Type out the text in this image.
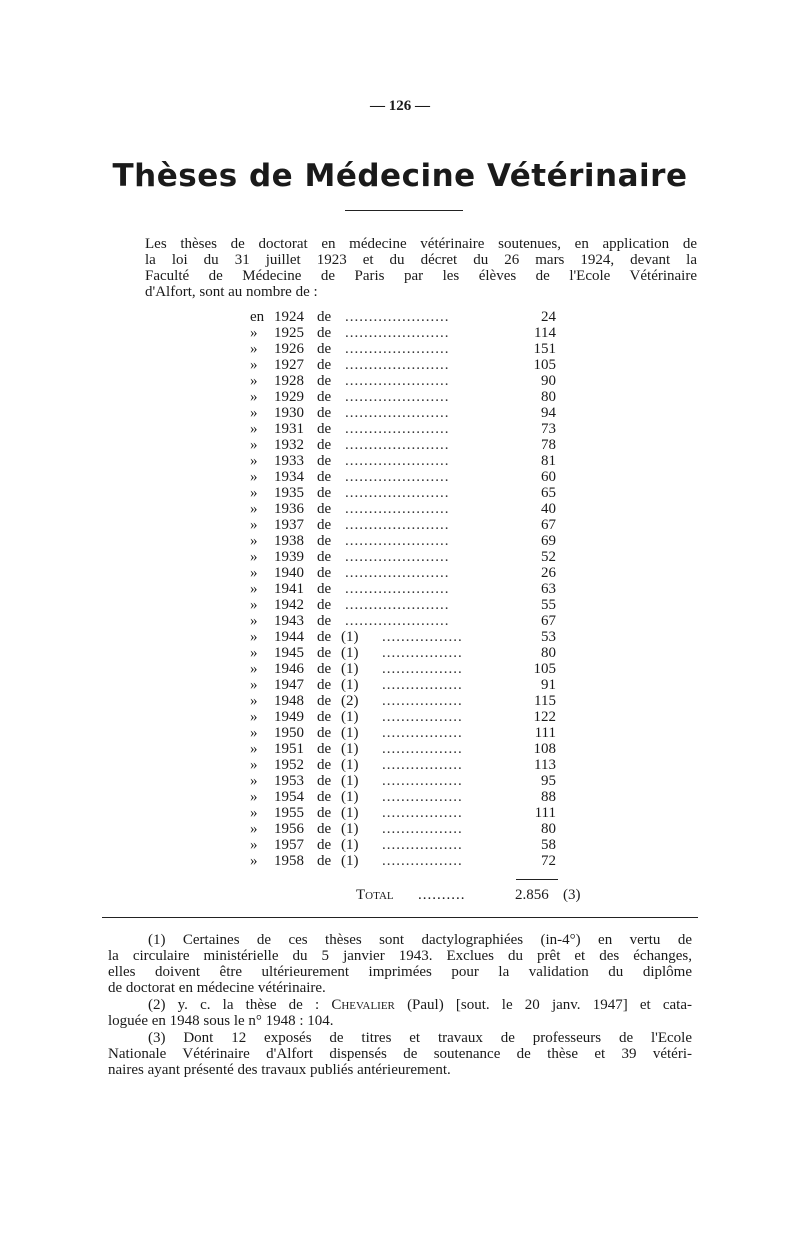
— 126 —
Thèses de Médecine Vétérinaire

Les thèses de doctorat en médecine vétérinaire soutenues, en application de
la loi du 31 juillet 1923 et du décret du 26 mars 1924, devant la
Faculté de Médecine de Paris par les élèves de l'Ecole Vétérinaire
d'Alfort, sont au nombre de :

en 1924 de ......................	24
»	1925 de ......................	114
»	1926 de ......................	151
»	1927 de ......................	105
»	1928 de ......................	90
»	1929 de ......................	80
»	1930 de ......................	94
»	1931 de ......................	73
»	1932 de ......................	78
»	1933 de ......................	81
»	1934 de ......................	60
»	1935 de ......................	65
»	1936 de ......................	40
»	1937 de ......................	67
»	1938 de ......................	69
»	1939 de ......................	52
»	1940 de ......................	26
»	1941 de ......................	63
»	1942 de ......................	55
»	1943 de ......................	67
»	1944 de (1) .................	53
»	1945 de (1) .................	80
»	1946 de (1) .................	105
»	1947 de (1) .................	91
»	1948 de (2) .................	115
»	1949 de (1) .................	122
»	1950 de (1) .................	111
»	1951 de (1) .................	108
»	1952 de (1) .................	113
»	1953 de (1) .................	95
»	1954 de (1) .................	88
»	1955 de (1) .................	111
»	1956 de (1) .................	80
»	1957 de (1) .................	58
»	1958 de (1) .................	72
Total ..........	2.856 (3)

(1) Certaines de ces thèses sont dactylographiées (in-4°) en vertu de
la circulaire ministérielle du 5 janvier 1943. Exclues du prêt et des échanges,
elles doivent être ultérieurement imprimées pour la validation du diplôme
de doctorat en médecine vétérinaire.

(2) y. c. la thèse de : Chevalier (Paul) [sout. le 20 janv. 1947] et cata-
loguée en 1948 sous le n° 1948 : 104.

(3) Dont 12 exposés de titres et travaux de professeurs de l'Ecole
Nationale Vétérinaire d'Alfort dispensés de soutenance de thèse et 39 vétéri-
naires ayant présenté des travaux publiés antérieurement.
